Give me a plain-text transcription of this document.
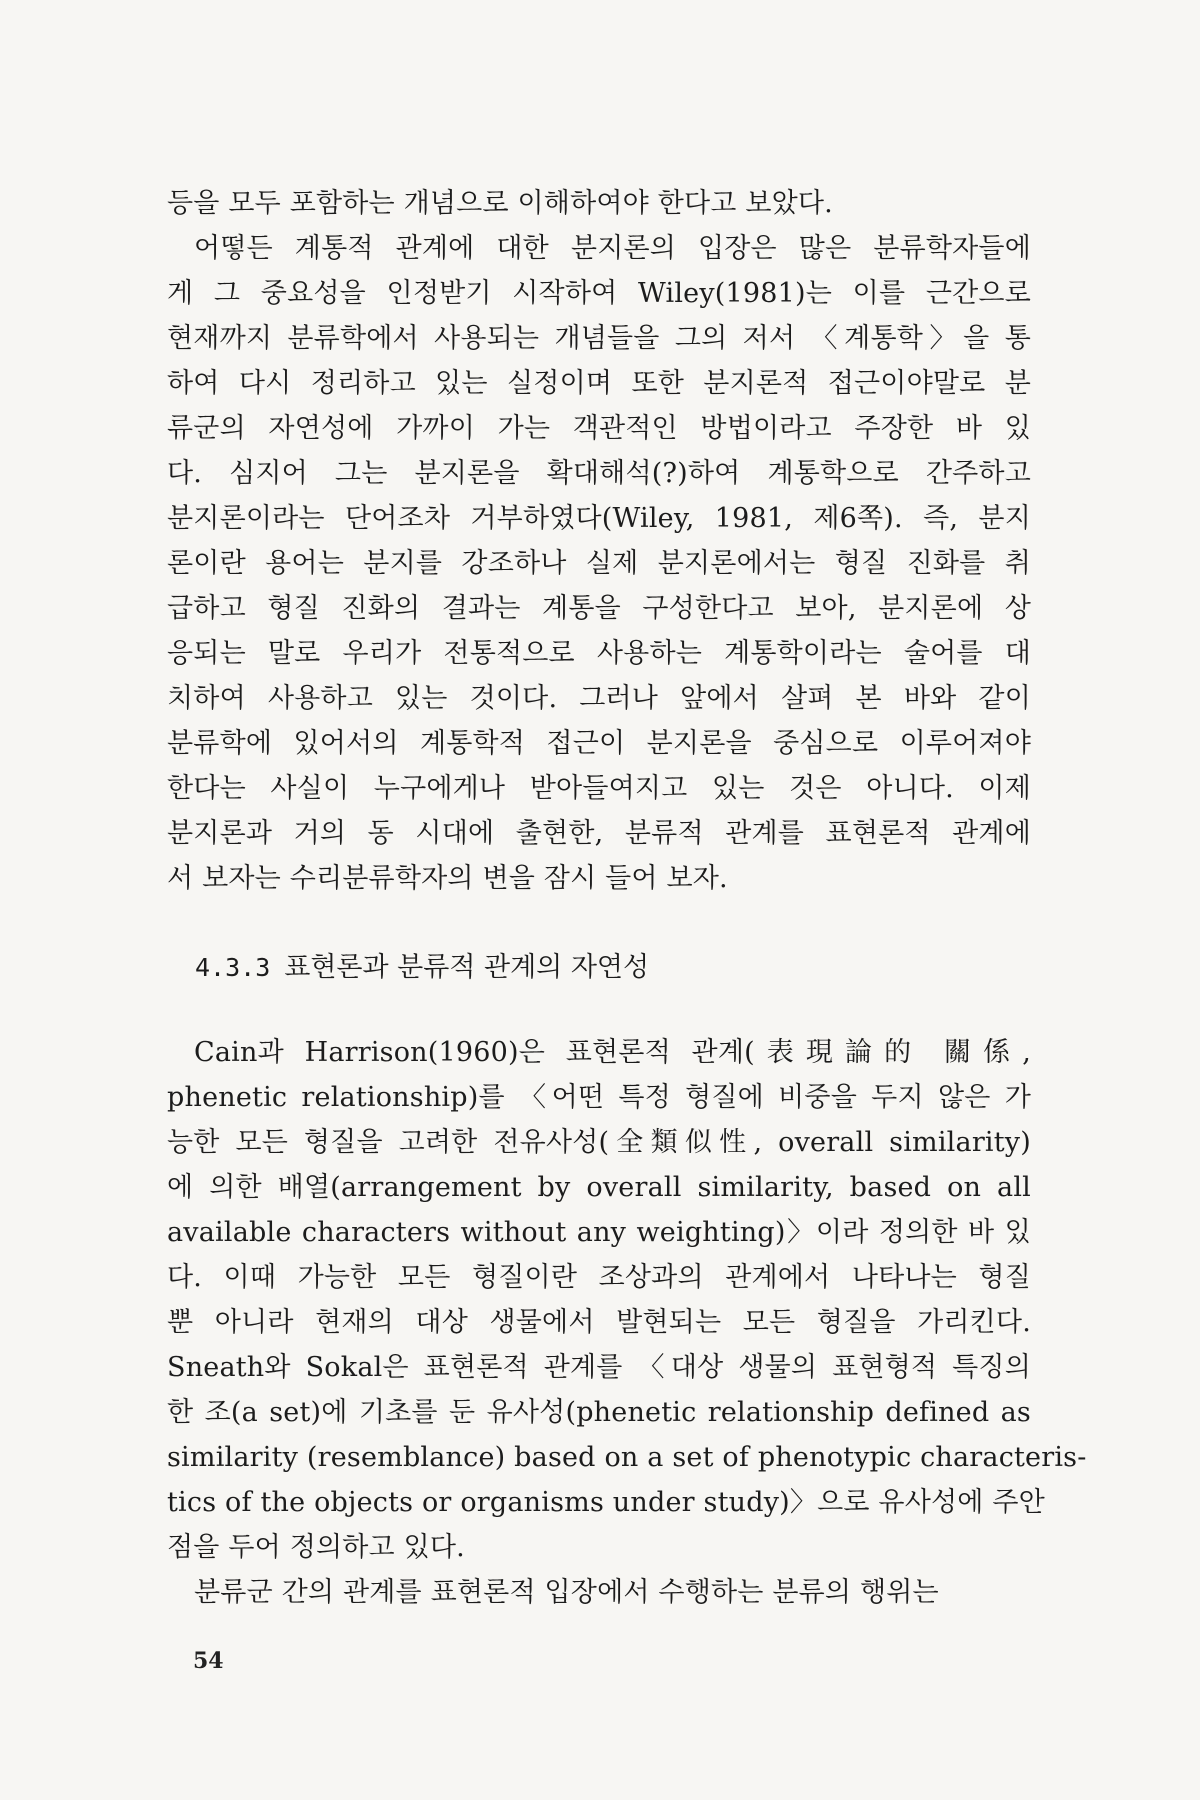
등을 모두 포함하는 개념으로 이해하여야 한다고 보았다.
어떻든 계통적 관계에 대한 분지론의 입장은 많은 분류학자들에
게 그 중요성을 인정받기 시작하여 Wiley(1981)는 이를 근간으로
현재까지 분류학에서 사용되는 개념들을 그의 저서 〈계통학〉을 통
하여 다시 정리하고 있는 실정이며 또한 분지론적 접근이야말로 분
류군의 자연성에 가까이 가는 객관적인 방법이라고 주장한 바 있
다. 심지어 그는 분지론을 확대해석(?)하여 계통학으로 간주하고
분지론이라는 단어조차 거부하였다(Wiley, 1981, 제6쪽). 즉, 분지
론이란 용어는 분지를 강조하나 실제 분지론에서는 형질 진화를 취
급하고 형질 진화의 결과는 계통을 구성한다고 보아, 분지론에 상
응되는 말로 우리가 전통적으로 사용하는 계통학이라는 술어를 대
치하여 사용하고 있는 것이다. 그러나 앞에서 살펴 본 바와 같이
분류학에 있어서의 계통학적 접근이 분지론을 중심으로 이루어져야
한다는 사실이 누구에게나 받아들여지고 있는 것은 아니다. 이제
분지론과 거의 동 시대에 출현한, 분류적 관계를 표현론적 관계에
서 보자는 수리분류학자의 변을 잠시 들어 보자.
4.3.3 표현론과 분류적 관계의 자연성
Cain과 Harrison(1960)은 표현론적 관계(表現論的 關係,
phenetic relationship)를 〈어떤 특정 형질에 비중을 두지 않은 가
능한 모든 형질을 고려한 전유사성(全類似性, overall similarity)
에 의한 배열(arrangement by overall similarity, based on all
available characters without any weighting)〉이라 정의한 바 있
다. 이때 가능한 모든 형질이란 조상과의 관계에서 나타나는 형질
뿐 아니라 현재의 대상 생물에서 발현되는 모든 형질을 가리킨다.
Sneath와 Sokal은 표현론적 관계를 〈대상 생물의 표현형적 특징의
한 조(a set)에 기초를 둔 유사성(phenetic relationship defined as
similarity (resemblance) based on a set of phenotypic characteris-
tics of the objects or organisms under study)〉으로 유사성에 주안
점을 두어 정의하고 있다.
분류군 간의 관계를 표현론적 입장에서 수행하는 분류의 행위는
54
